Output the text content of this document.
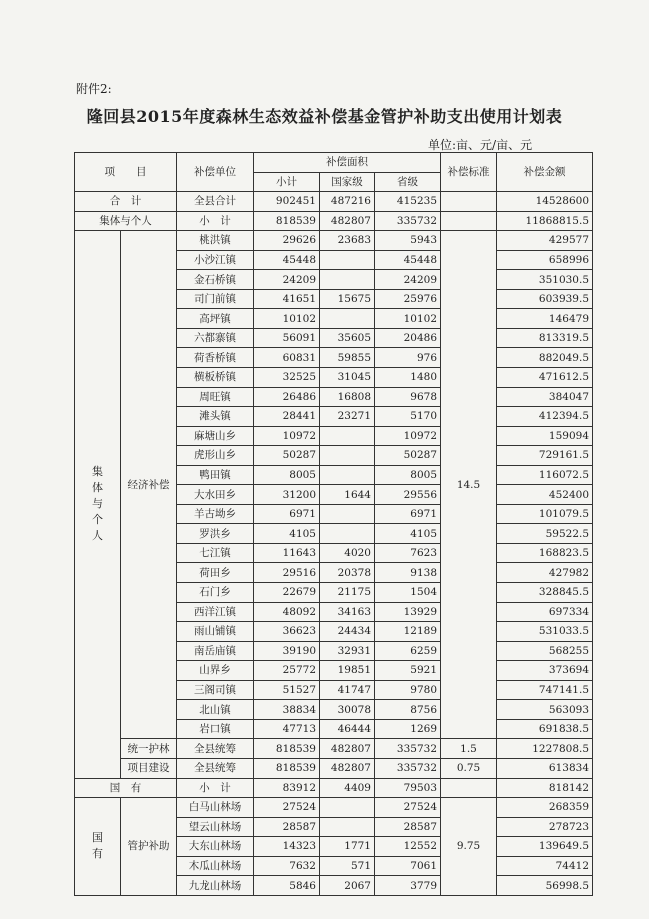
附件2:
隆回县2015年度森林生态效益补偿基金管护补助支出使用计划表
单位:亩、元/亩、元
项　　目		补偿单位	补偿面积			补偿标准	补偿金额
			小计	国家级	省级		
合　计		全县合计	902451	487216	415235		14528600
集体与个人		小　计	818539	482807	335732		11868815.5

集体与个人	经济补偿	桃洪镇	29626	23683	5943	14.5	429577
		小沙江镇	45448		45448		658996
		金石桥镇	24209		24209		351030.5
		司门前镇	41651	15675	25976		603939.5
		高坪镇	10102		10102		146479
		六都寨镇	56091	35605	20486		813319.5
		荷香桥镇	60831	59855	976		882049.5
		横板桥镇	32525	31045	1480		471612.5
		周旺镇	26486	16808	9678		384047
		滩头镇	28441	23271	5170		412394.5
		麻塘山乡	10972		10972		159094
		虎形山乡	50287		50287		729161.5
		鸭田镇	8005		8005		116072.5
		大水田乡	31200	1644	29556		452400
		羊古坳乡	6971		6971		101079.5
		罗洪乡	4105		4105		59522.5
		七江镇	11643	4020	7623		168823.5
		荷田乡	29516	20378	9138		427982
		石门乡	22679	21175	1504		328845.5
		西洋江镇	48092	34163	13929		697334
		雨山铺镇	36623	24434	12189		531033.5
		南岳庙镇	39190	32931	6259		568255
		山界乡	25772	19851	5921		373694
		三阁司镇	51527	41747	9780		747141.5
		北山镇	38834	30078	8756		563093
		岩口镇	47713	46444	1269		691838.5
	统一护林	全县统筹	818539	482807	335732	1.5	1227808.5
	项目建设	全县统筹	818539	482807	335732	0.75	613834
国　有		小　计	83912	4409	79503		818142

国有	管护补助	白马山林场	27524		27524	9.75	268359
		望云山林场	28587		28587		278723
		大东山林场	14323	1771	12552		139649.5
		木瓜山林场	7632	571	7061		74412
		九龙山林场	5846	2067	3779		56998.5
